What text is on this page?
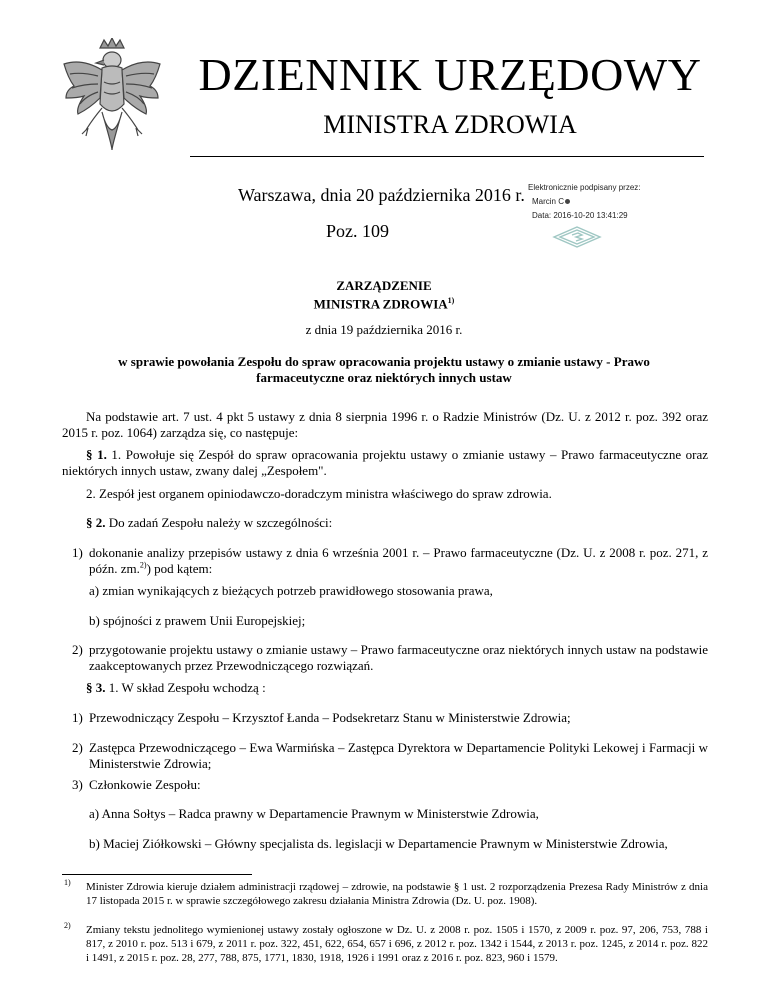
DZIENNIK URZĘDOWY
MINISTRA ZDROWIA
Warszawa, dnia 20 października 2016 r.
Poz. 109
Elektronicznie podpisany przez:
Marcin C
Data: 2016-10-20 13:41:29
ZARZĄDZENIE
MINISTRA ZDROWIA$^{1)}$
z dnia 19 października 2016 r.
w sprawie powołania Zespołu do spraw opracowania projektu ustawy o zmianie ustawy - Prawo farmaceutyczne oraz niektórych innych ustaw
Na podstawie art. 7 ust. 4 pkt 5 ustawy z dnia 8 sierpnia 1996 r. o Radzie Ministrów (Dz. U. z 2012 r. poz. 392 oraz 2015 r. poz. 1064) zarządza się, co następuje:
§ 1. 1. Powołuje się Zespół do spraw opracowania projektu ustawy o zmianie ustawy – Prawo farmaceutyczne oraz niektórych innych ustaw, zwany dalej „Zespołem".
2. Zespół jest organem opiniodawczo-doradczym ministra właściwego do spraw zdrowia.
§ 2. Do zadań Zespołu należy w szczególności:
1) dokonanie analizy przepisów ustawy z dnia 6 września 2001 r. – Prawo farmaceutyczne (Dz. U. z 2008 r. poz. 271, z późn. zm.$^{2)}$) pod kątem:
a) zmian wynikających z bieżących potrzeb prawidłowego stosowania prawa,
b) spójności z prawem Unii Europejskiej;
2) przygotowanie projektu ustawy o zmianie ustawy – Prawo farmaceutyczne oraz niektórych innych ustaw na podstawie zaakceptowanych przez Przewodniczącego rozwiązań.
§ 3. 1. W skład Zespołu wchodzą :
1) Przewodniczący Zespołu – Krzysztof Łanda – Podsekretarz Stanu w Ministerstwie Zdrowia;
2) Zastępca Przewodniczącego – Ewa Warmińska – Zastępca Dyrektora w Departamencie Polityki Lekowej i Farmacji w Ministerstwie Zdrowia;
3) Członkowie Zespołu:
a) Anna Sołtys – Radca prawny w Departamencie Prawnym w Ministerstwie Zdrowia,
b) Maciej Ziółkowski – Główny specjalista ds. legislacji w Departamencie Prawnym w Ministerstwie Zdrowia,
1) Minister Zdrowia kieruje działem administracji rządowej – zdrowie, na podstawie § 1 ust. 2 rozporządzenia Prezesa Rady Ministrów z dnia 17 listopada 2015 r. w sprawie szczegółowego zakresu działania Ministra Zdrowia (Dz. U. poz. 1908).
2) Zmiany tekstu jednolitego wymienionej ustawy zostały ogłoszone w Dz. U. z 2008 r. poz. 1505 i 1570, z 2009 r. poz. 97, 206, 753, 788 i 817, z 2010 r. poz. 513 i 679, z 2011 r. poz. 322, 451, 622, 654, 657 i 696, z 2012 r. poz. 1342 i 1544, z 2013 r. poz. 1245, z 2014 r. poz. 822 i 1491, z 2015 r. poz. 28, 277, 788, 875, 1771, 1830, 1918, 1926 i 1991 oraz z 2016 r. poz. 823, 960 i 1579.
